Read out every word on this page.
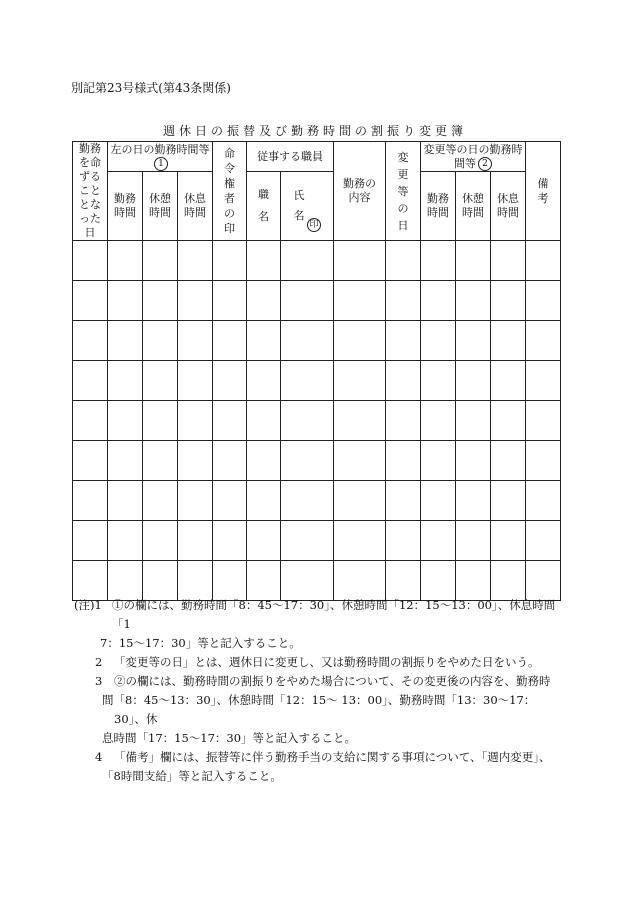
別記第23号様式(第43条関係)
週休日の振替及び勤務時間の割振り変更簿
勤務を命ずることとなった日	左の日の勤務時間等1			命令権者の印	従事する職員		勤務の内容	変更等の日	変更等の日の勤務時間等 2			備考
	勤務時間	休憩時間	休息時間		職名	氏名印			勤務時間	休憩時間	休息時間	

(注)1 ①の欄には、勤務時間「8：45～17：30」、休憩時間「12：15～13：00」、休息時間　「1
7：15～17：30」等と記入すること。
2	「変更等の日」とは、週休日に変更し、又は勤務時間の割振りをやめた日をいう。
3	②の欄には、勤務時間の割振りをやめた場合について、その変更後の内容を、勤務時
間「8：45～13：30」、休憩時間「12：15～ 13：00」、勤務時間「13：30～17：30」、休
息時間「17：15～17：30」等と記入すること。
4	「備考」欄には、振替等に伴う勤務手当の支給に関する事項について、「週内変更」、
「8時間支給」等と記入すること。
